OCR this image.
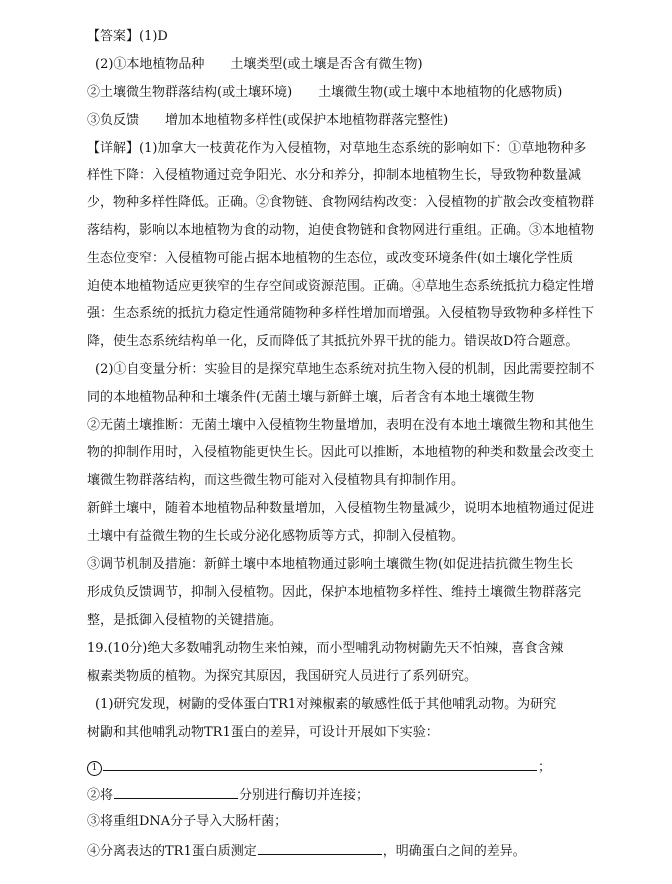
【答案】(1)D
(2)①本地植物品种　　土壤类型(或土壤是否含有微生物)
②土壤微生物群落结构(或土壤环境)　　土壤微生物(或土壤中本地植物的化感物质)
③负反馈　　增加本地植物多样性(或保护本地植物群落完整性)
【详解】(1)加拿大一枝黄花作为入侵植物，对草地生态系统的影响如下：①草地物种多
样性下降：入侵植物通过竞争阳光、水分和养分，抑制本地植物生长，导致物种数量减
少，物种多样性降低。正确。②食物链、食物网结构改变：入侵植物的扩散会改变植物群
落结构，影响以本地植物为食的动物，迫使食物链和食物网进行重组。正确。③本地植物
生态位变窄：入侵植物可能占据本地植物的生态位，或改变环境条件(如土壤化学性质
迫使本地植物适应更狭窄的生存空间或资源范围。正确。④草地生态系统抵抗力稳定性增
强：生态系统的抵抗力稳定性通常随物种多样性增加而增强。入侵植物导致物种多样性下
降，使生态系统结构单一化，反而降低了其抵抗外界干扰的能力。错误故D符合题意。
(2)①自变量分析：实验目的是探究草地生态系统对抗生物入侵的机制，因此需要控制不
同的本地植物品种和土壤条件(无菌土壤与新鲜土壤，后者含有本地土壤微生物
②无菌土壤推断：无菌土壤中入侵植物生物量增加，表明在没有本地土壤微生物和其他生
物的抑制作用时，入侵植物能更快生长。因此可以推断，本地植物的种类和数量会改变土
壤微生物群落结构，而这些微生物可能对入侵植物具有抑制作用。
新鲜土壤中，随着本地植物品种数量增加，入侵植物生物量减少，说明本地植物通过促进
土壤中有益微生物的生长或分泌化感物质等方式，抑制入侵植物。
③调节机制及措施：新鲜土壤中本地植物通过影响土壤微生物(如促进拮抗微生物生长
形成负反馈调节，抑制入侵植物。因此，保护本地植物多样性、维持土壤微生物群落完
整，是抵御入侵植物的关键措施。
19.(10分)绝大多数哺乳动物生来怕辣，而小型哺乳动物树鼩先天不怕辣，喜食含辣
椒素类物质的植物。为探究其原因，我国研究人员进行了系列研究。
(1)研究发现，树鼩的受体蛋白TR1对辣椒素的敏感性低于其他哺乳动物。为研究
树鼩和其他哺乳动物TR1蛋白的差异，可设计开展如下实验：
1	；
②将	分别进行酶切并连接；
③将重组DNA分子导入大肠杆菌；
④分离表达的TR1蛋白质测定	，明确蛋白之间的差异。
